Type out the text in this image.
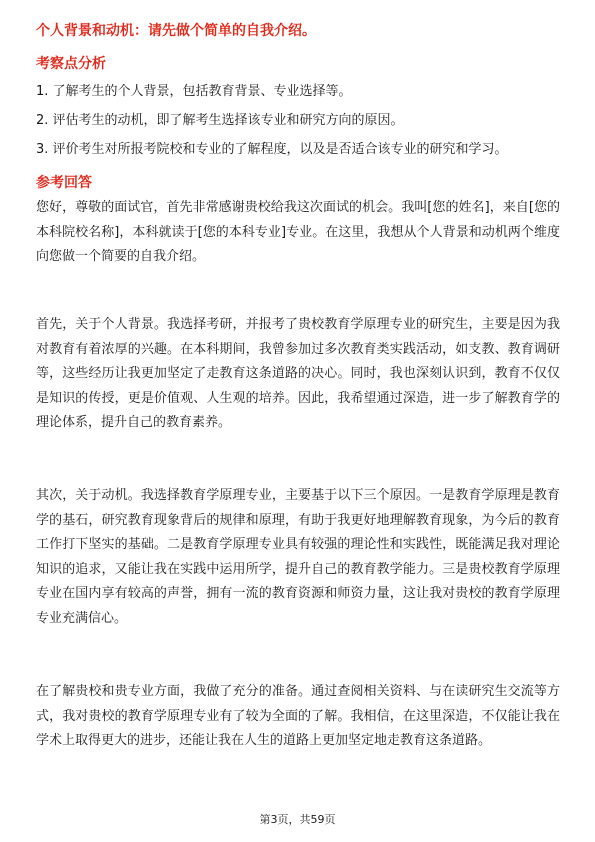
个人背景和动机：请先做个简单的自我介绍。
考察点分析
1. 了解考生的个人背景，包括教育背景、专业选择等。
2. 评估考生的动机，即了解考生选择该专业和研究方向的原因。
3. 评价考生对所报考院校和专业的了解程度，以及是否适合该专业的研究和学习。
参考回答
您好，尊敬的面试官，首先非常感谢贵校给我这次面试的机会。我叫[您的姓名]，来自[您的本科院校名称]，本科就读于[您的本科专业]专业。在这里，我想从个人背景和动机两个维度向您做一个简要的自我介绍。
首先，关于个人背景。我选择考研，并报考了贵校教育学原理专业的研究生，主要是因为我对教育有着浓厚的兴趣。在本科期间，我曾参加过多次教育类实践活动，如支教、教育调研等，这些经历让我更加坚定了走教育这条道路的决心。同时，我也深刻认识到，教育不仅仅是知识的传授，更是价值观、人生观的培养。因此，我希望通过深造，进一步了解教育学的理论体系，提升自己的教育素养。
其次，关于动机。我选择教育学原理专业，主要基于以下三个原因。一是教育学原理是教育学的基石，研究教育现象背后的规律和原理，有助于我更好地理解教育现象，为今后的教育工作打下坚实的基础。二是教育学原理专业具有较强的理论性和实践性，既能满足我对理论知识的追求，又能让我在实践中运用所学，提升自己的教育教学能力。三是贵校教育学原理专业在国内享有较高的声誉，拥有一流的教育资源和师资力量，这让我对贵校的教育学原理专业充满信心。
在了解贵校和贵专业方面，我做了充分的准备。通过查阅相关资料、与在读研究生交流等方式，我对贵校的教育学原理专业有了较为全面的了解。我相信，在这里深造，不仅能让我在学术上取得更大的进步，还能让我在人生的道路上更加坚定地走教育这条道路。
第3页，共59页
